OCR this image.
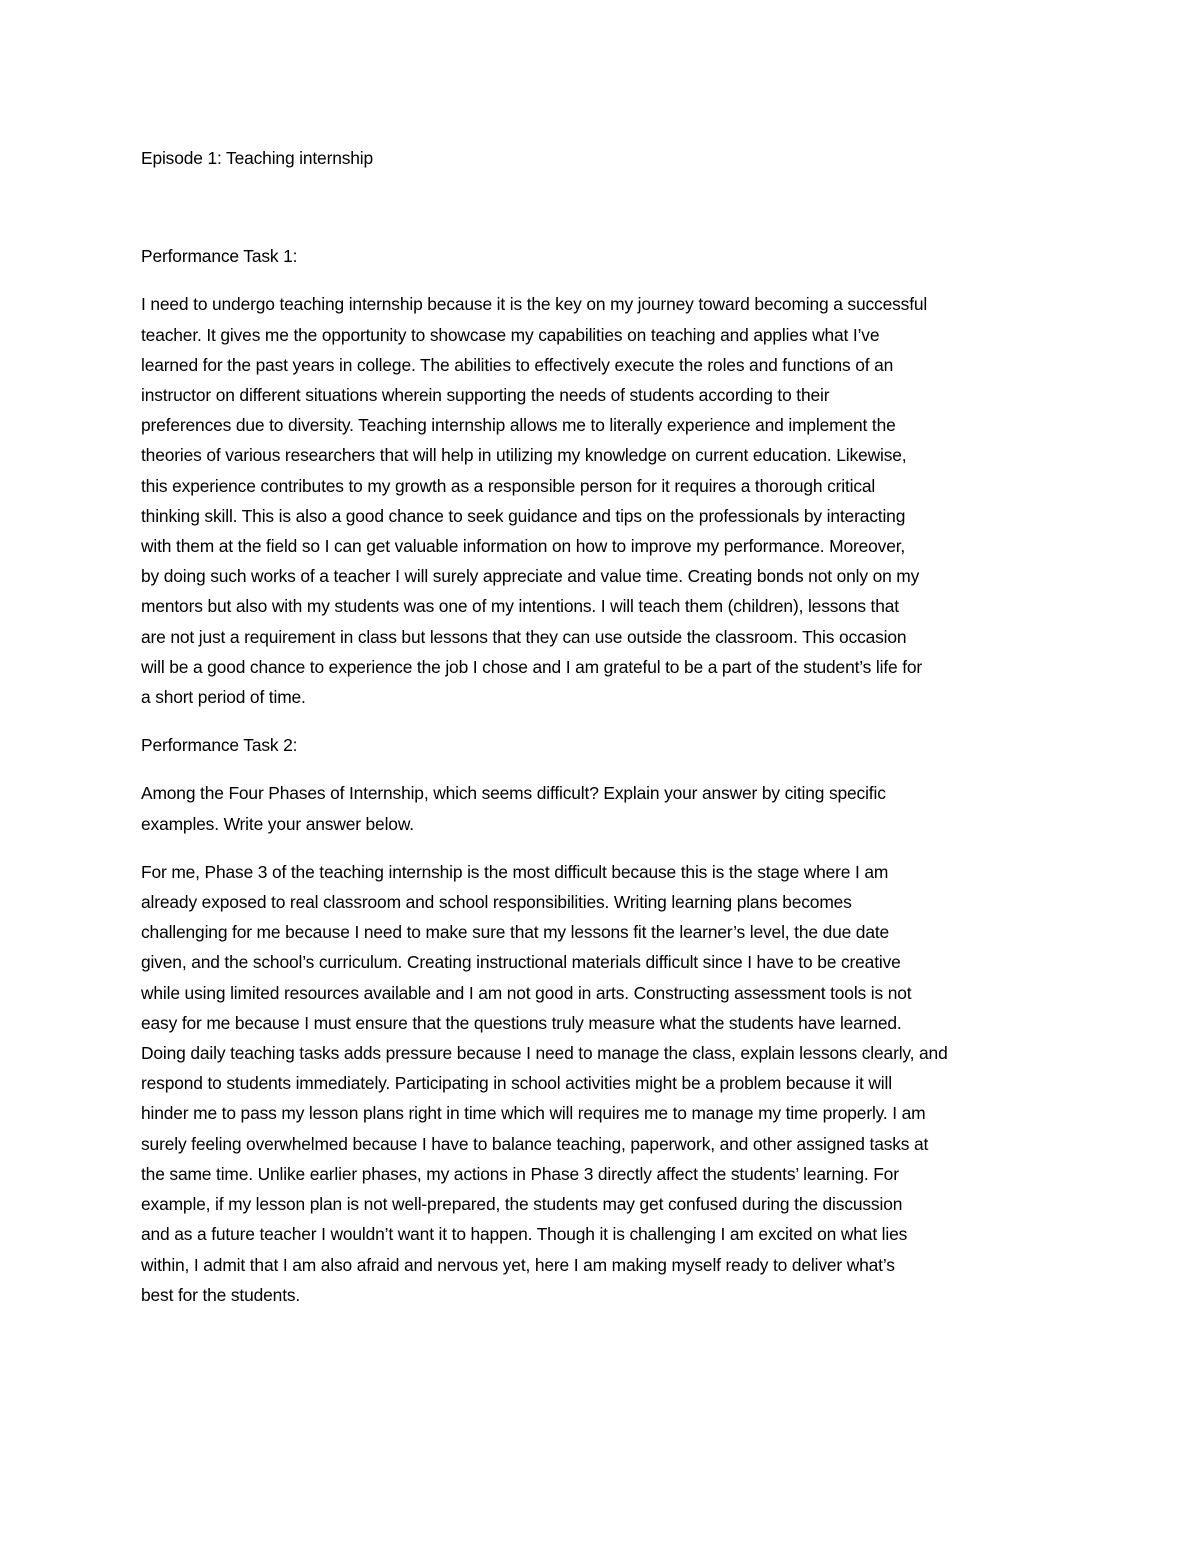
Episode 1: Teaching internship

Performance Task 1:

I need to undergo teaching internship because it is the key on my journey toward becoming a successful
teacher. It gives me the opportunity to showcase my capabilities on teaching and applies what I’ve
learned for the past years in college. The abilities to effectively execute the roles and functions of an
instructor on different situations wherein supporting the needs of students according to their
preferences due to diversity. Teaching internship allows me to literally experience and implement the
theories of various researchers that will help in utilizing my knowledge on current education. Likewise,
this experience contributes to my growth as a responsible person for it requires a thorough critical
thinking skill. This is also a good chance to seek guidance and tips on the professionals by interacting
with them at the field so I can get valuable information on how to improve my performance. Moreover,
by doing such works of a teacher I will surely appreciate and value time. Creating bonds not only on my
mentors but also with my students was one of my intentions. I will teach them (children), lessons that
are not just a requirement in class but lessons that they can use outside the classroom. This occasion
will be a good chance to experience the job I chose and I am grateful to be a part of the student’s life for
a short period of time.

Performance Task 2:

Among the Four Phases of Internship, which seems difficult? Explain your answer by citing specific
examples. Write your answer below.
For me, Phase 3 of the teaching internship is the most difficult because this is the stage where I am
already exposed to real classroom and school responsibilities. Writing learning plans becomes
challenging for me because I need to make sure that my lessons fit the learner’s level, the due date
given, and the school’s curriculum. Creating instructional materials difficult since I have to be creative
while using limited resources available and I am not good in arts. Constructing assessment tools is not
easy for me because I must ensure that the questions truly measure what the students have learned.
Doing daily teaching tasks adds pressure because I need to manage the class, explain lessons clearly, and
respond to students immediately. Participating in school activities might be a problem because it will
hinder me to pass my lesson plans right in time which will requires me to manage my time properly. I am
surely feeling overwhelmed because I have to balance teaching, paperwork, and other assigned tasks at
the same time. Unlike earlier phases, my actions in Phase 3 directly affect the students’ learning. For
example, if my lesson plan is not well-prepared, the students may get confused during the discussion
and as a future teacher I wouldn’t want it to happen. Though it is challenging I am excited on what lies
within, I admit that I am also afraid and nervous yet, here I am making myself ready to deliver what’s
best for the students.
